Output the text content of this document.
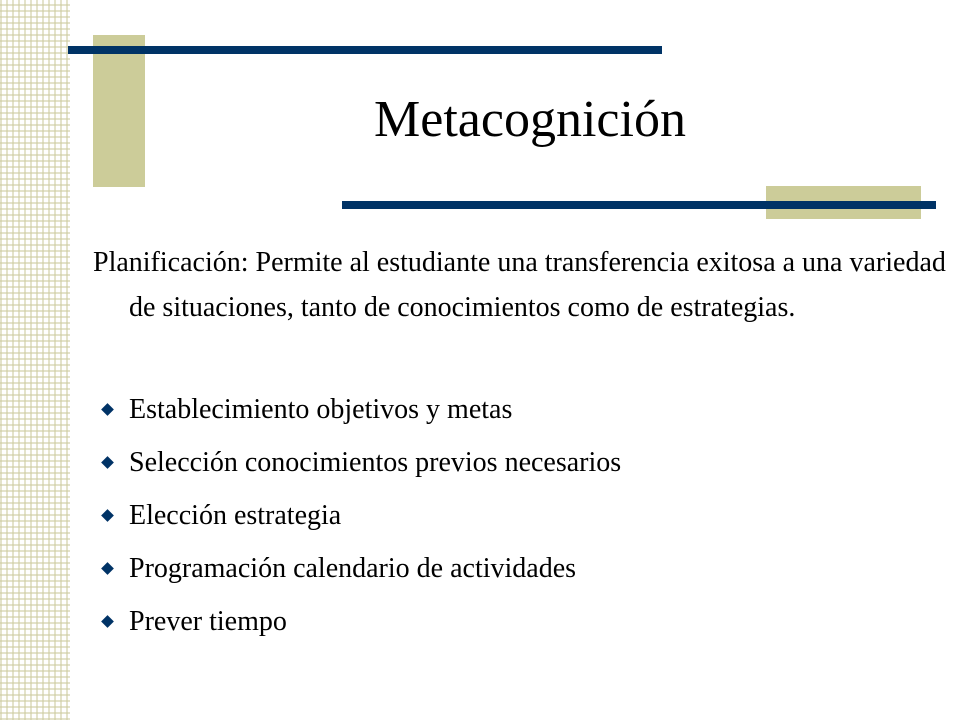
Metacognición

Planificación: Permite al estudiante una transferencia exitosa a una variedad de situaciones, tanto de conocimientos como de estrategias.

Establecimiento objetivos y metas
Selección conocimientos previos necesarios
Elección estrategia
Programación calendario de actividades
Prever tiempo
